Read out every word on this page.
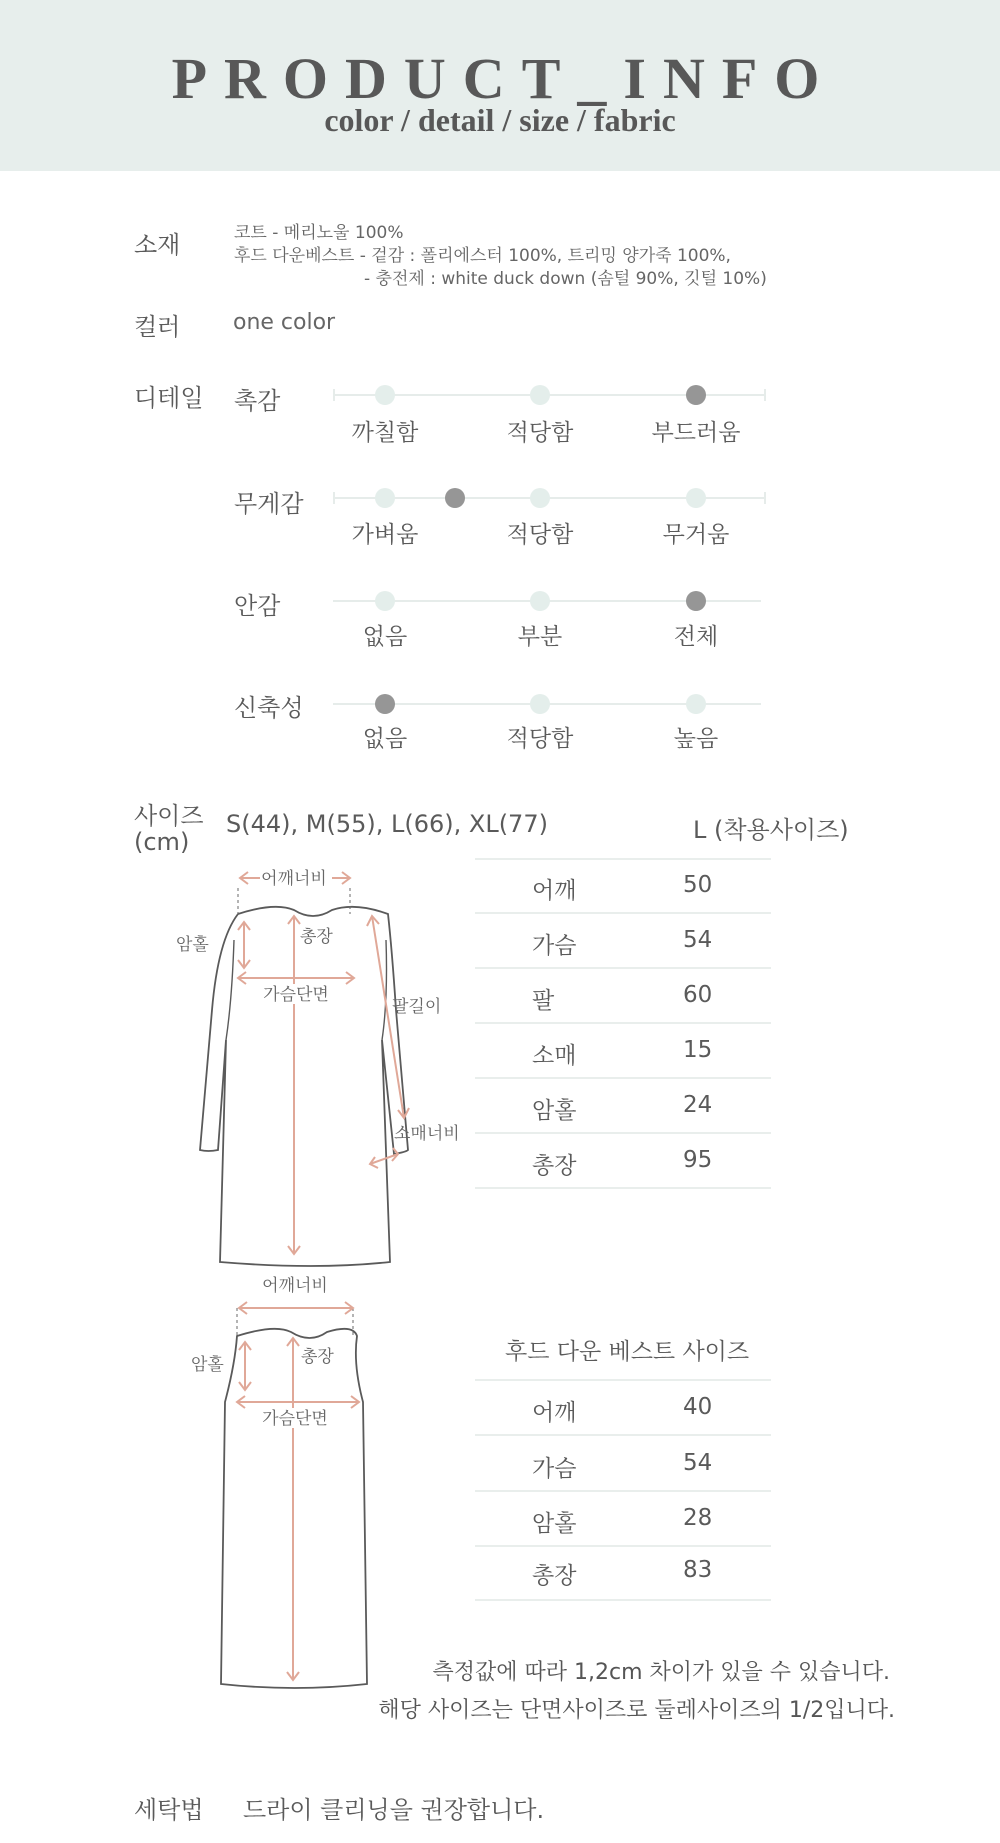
PRODUCT_INFO
color / detail / size / fabric
소재	코트 - 메리노울 100%
후드 다운베스트 - 겉감 : 폴리에스터 100%, 트리밍 양가죽 100%,
- 충전제 : white duck down (솜털 90%, 깃털 10%)
컬러 one color
디테일 촉감
까칠함	적당함	부드러움
무게감
가벼움	적당함	무거움
안감
없음	부분	전체
신축성
없음	적당함	높음
사이즈
(cm)
S(44), M(55), L(66), XL(77)	L (착용사이즈)
어깨너비
암홀	총장
가슴단면
팔길이
소매너비
어깨	50
가슴	54
팔	60
소매	15
암홀	24
총장	95
어깨너비
암홀	총장
가슴단면
후드 다운 베스트 사이즈
어깨	40
가슴	54
암홀	28
총장	83
측정값에 따라 1,2cm 차이가 있을 수 있습니다.
해당 사이즈는 단면사이즈로 둘레사이즈의 1/2입니다.
세탁법 드라이 클리닝을 권장합니다.
